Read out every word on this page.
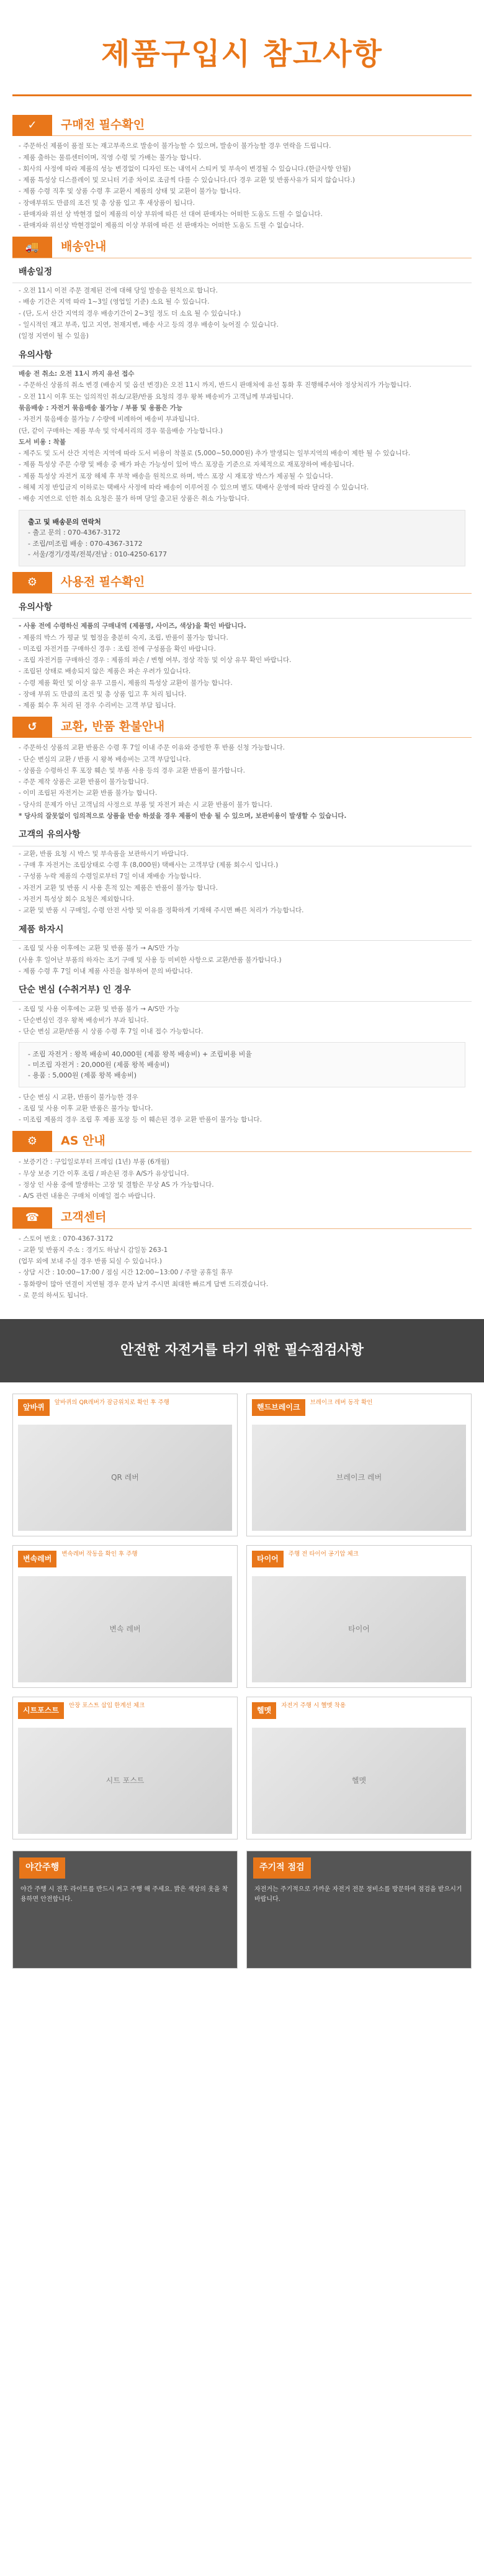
제품구입시 참고사항
✓	구매전 필수확인
- 주문하신 제품이 품절 또는 재고부족으로 발송이 불가능할 수 있으며, 발송이 불가능할 경우 연락을 드립니다.
- 제품 출하는 물류센터이며, 직영 수령 및 가배는 불가능 합니다.
- 회사의 사정에 따라 제품의 성능 변경없이 디자인 또는 내역서 스티커 및 부속이 변경될 수 있습니다.(한글사항 안됨)
- 제품 특성상 디스플레이 및 모니터 기종 차이로 조금씩 다를 수 있습니다.(다 경우 교환 및 반품사유가 되지 않습니다.)
- 제품 수령 직후 및 상품 수령 후 교환시 제품의 상태 및 교환이 불가능 합니다.
- 장애부위도 만큼의 조건 및 총 상품 입고 후 새상품이 됩니다.
- 판매자와 위선 상 박현경 없이 제품의 이상 부위에 따른 선 대여 판매자는 어떠한 도움도 드릴 수 없습니다.
- 판매자와 위선상 박현경없이 제품의 이상 부위에 따른 선 판매자는 어떠한 도움도 드릴 수 없습니다.
🚚	배송안내
배송일정
- 오전 11시 이전 주문 결제된 건에 대해 당일 발송을 원칙으로 합니다.
- 배송 기간은 지역 따라 1~3일 (영업일 기준) 소요 될 수 있습니다.
- (단, 도서 산간 지역의 경우 배송기간이 2~3일 정도 더 소요 될 수 있습니다.)
- 일시적인 재고 부족, 입고 지연, 천재지변, 배송 사고 등의 경우 배송이 늦어질 수 있습니다.
(일정 지연이 될 수 있음)
유의사항
배송 전 취소: 오전 11시 까지 유선 접수
- 주문하신 상품의 취소 변경 (배송지 및 옵션 변경)은 오전 11시 까지, 반드시 판매처에 유선 통화 후 진행해주셔야 정상처리가 가능합니다.
- 오전 11시 이후 또는 임의적인 취소/교환/반품 요청의 경우 왕복 배송비가 고객님께 부과됩니다.
묶음배송 : 자전거 묶음배송 불가능 / 부품 및 용품은 가능
- 자전거 묶음배송 불가능 / 수량에 비례하여 배송비 부과됩니다.
(단, 같이 구매하는 제품 부속 및 악세서리의 경우 묶음배송 가능합니다.)
도서 비용 : 착불
- 제주도 및 도서 산간 지역은 지역에 따라 도서 비용이 착불로 (5,000~50,000원) 추가 발생되는 일부지역의 배송이 제한 될 수 있습니다.
- 제품 특성상 주문 수량 및 배송 중 배가 파손 가능성이 있어 박스 포장을 기준으로 자체적으로 재포장하여 배송됩니다.
- 제품 특성상 자전거 포장 해체 후 부착 배송을 원칙으로 하며, 박스 포장 시 재포장 박스가 제공될 수 있습니다.
- 해체 지정 반입금지 이하로는 택배사 사정에 따라 배송이 이루어질 수 있으며 별도 택배사 운영에 따라 달라질 수 있습니다.
- 배송 지연으로 인한 취소 요청은 불가 하며 당일 출고된 상품은 취소 가능합니다.
출고 및 배송문의 연락처
- 출고 문의 : 070-4367-3172
- 조립/미조립 배송 : 070-4367-3172
- 서울/경기/경북/전북/전남 : 010-4250-6177
⚙	사용전 필수확인
유의사항
- 사용 전에 수령하신 제품의 구매내역 (제품명, 사이즈, 색상)을 확인 바랍니다.
- 제품의 박스 가 평균 및 협정을 충분히 숙지, 조립, 반품이 불가능 합니다.
- 미조립 자전거를 구매하신 경우 : 조립 전에 구성품을 확인 바랍니다.
- 조립 자전거를 구매하신 경우 : 제품의 파손 / 변형 여부, 정상 작동 및 이상 유무 확인 바랍니다.
- 조립된 상태로 배송되지 않은 제품은 파손 우려가 있습니다.
- 수령 제품 확인 및 이상 유무 고를시, 제품의 특성상 교환이 불가능 합니다.
- 장애 부위 도 만큼의 조건 및 총 상품 입고 후 처리 됩니다.
- 제품 회수 후 처리 된 경우 수리비는 고객 부담 됩니다.
↺	교환, 반품 환불안내
- 주문하신 상품의 교환 반품은 수령 후 7일 이내 주문 이유와 증빙한 후 반품 신청 가능합니다.
- 단순 변심의 교환 / 반품 시 왕복 배송비는 고객 부담입니다.
- 상품을 수령하신 후 포장 훼손 및 부품 사용 등의 경우 교환 반품이 불가합니다.
- 주문 제작 상품은 교환 반품이 불가능합니다.
- 이미 조립된 자전거는 교환 반품 불가능 합니다.
- 당사의 문제가 아닌 고객님의 사정으로 부품 및 자전거 파손 시 교환 반품이 불가 합니다.
* 당사의 잘못없이 임의적으로 상품을 반송 하셨을 경우 제품이 반송 될 수 있으며, 보관비용이 발생할 수 있습니다.
고객의 유의사항
- 교환, 반품 요청 시 박스 및 부속품을 보관하시기 바랍니다.
- 구매 후 자전거는 조립상태로 수령 후 (8,000원) 택배사는 고객부담 (제품 회수시 입니다.)
- 구성품 누락 제품의 수령일로부터 7일 이내 재배송 가능합니다.
- 자전거 교환 및 반품 시 사용 흔적 있는 제품은 반품이 불가능 합니다.
- 자전거 특성상 회수 요청은 제외합니다.
- 교환 및 반품 시 구매일, 수령 안전 사항 및 이유를 정확하게 기재해 주시면 빠른 처리가 가능합니다.
제품 하자시
- 조립 및 사용 이후에는 교환 및 반품 불가 → A/S만 가능
(사용 후 일어난 부품의 하자는 조기 구매 및 사용 등 미비한 사항으로 교환/반품 불가합니다.)
- 제품 수령 후 7일 이내 제품 사진을 첨부하여 문의 바랍니다.
단순 변심 (수취거부) 인 경우
- 조립 및 사용 이후에는 교환 및 반품 불가 → A/S만 가능
- 단순변심인 경우 왕복 배송비가 부과 됩니다.
- 단순 변심 교환/반품 시 상품 수령 후 7일 이내 접수 가능합니다.
- 조립 자전거 : 왕복 배송비 40,000원 (제품 왕복 배송비) + 조립비용 비율
- 미조립 자전거 : 20,000원 (제품 왕복 배송비)
- 용품 : 5,000원 (제품 왕복 배송비)
- 단순 변심 시 교환, 반품이 불가능한 경우
- 조립 및 사용 이후 교환 반품은 불가능 합니다.
- 미조립 제품의 경우 조립 후 제품 포장 등 이 훼손된 경우 교환 반품이 불가능 합니다.
⚙	AS 안내
- 보증기간 : 구입일로부터 프레임 (1년) 부품 (6개월)
- 무상 보증 기간 이후 조립 / 파손된 경우 A/S가 유상입니다.
- 정상 인 사용 중에 발생하는 고장 및 결함은 무상 AS 가 가능합니다.
- A/S 관련 내용은 구매처 이메일 접수 바랍니다.
☎	고객센터
- 스토어 번호 : 070-4367-3172
- 교환 및 반품지 주소 : 경기도 하남시 감일동 263-1
(업무 외에 보내 주실 경우 반품 되실 수 있습니다.)
- 상담 시간 : 10:00~17:00 / 점심 시간 12:00~13:00 / 주말 공휴일 휴무
- 통화량이 많아 연결이 지연될 경우 문자 남겨 주시면 최대한 빠르게 답변 드리겠습니다.
- 로 문의 하셔도 됩니다.
안전한 자전거를 타기 위한 필수점검사항
앞바퀴
앞바퀴의 QR레버가 잠금위치로 확인 후 주행
QR 레버
핸드브레이크
브레이크 레버 동작 확인
브레이크 레버
변속레버
변속레버 작동을 확인 후 주행
변속 레버
타이어
주행 전 타이어 공기압 체크
타이어
시트포스트
안장 포스트 삽입 한계선 체크
시트 포스트
헬멧
자전거 주행 시 헬멧 착용
헬멧
야간주행

야간 주행 시 전후 라이트를 반드시 켜고 주행 해 주세요. 밝은 색상의 옷을 착용하면 안전합니다.

주기적 점검

자전거는 주기적으로 가까운 자전거 전문 정비소를 방문하여 점검을 받으시기 바랍니다.
